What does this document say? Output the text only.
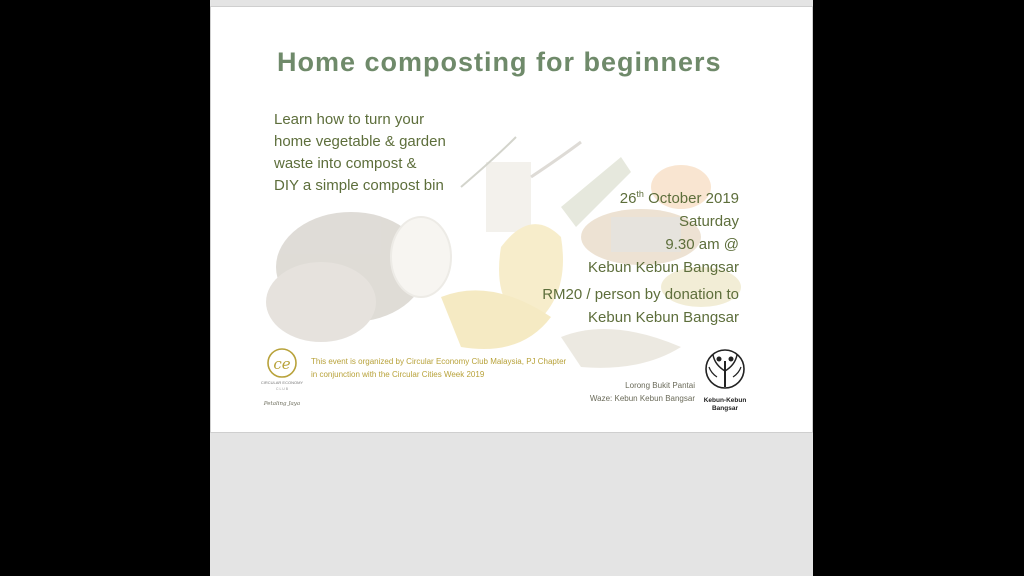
Home composting for beginners
Learn how to turn your
home vegetable & garden
waste into compost &
DIY a simple compost bin
26th October 2019
Saturday
9.30 am @
Kebun Kebun Bangsar
RM20 / person by donation to
Kebun Kebun Bangsar
ce
CIRCULAR ECONOMY
C L U B
Petaling Jaya
This event is organized by Circular Economy Club Malaysia, PJ Chapter
in conjunction with the Circular Cities Week 2019
Lorong Bukit Pantai
Waze: Kebun Kebun Bangsar Kebun-Kebun
Bangsar
